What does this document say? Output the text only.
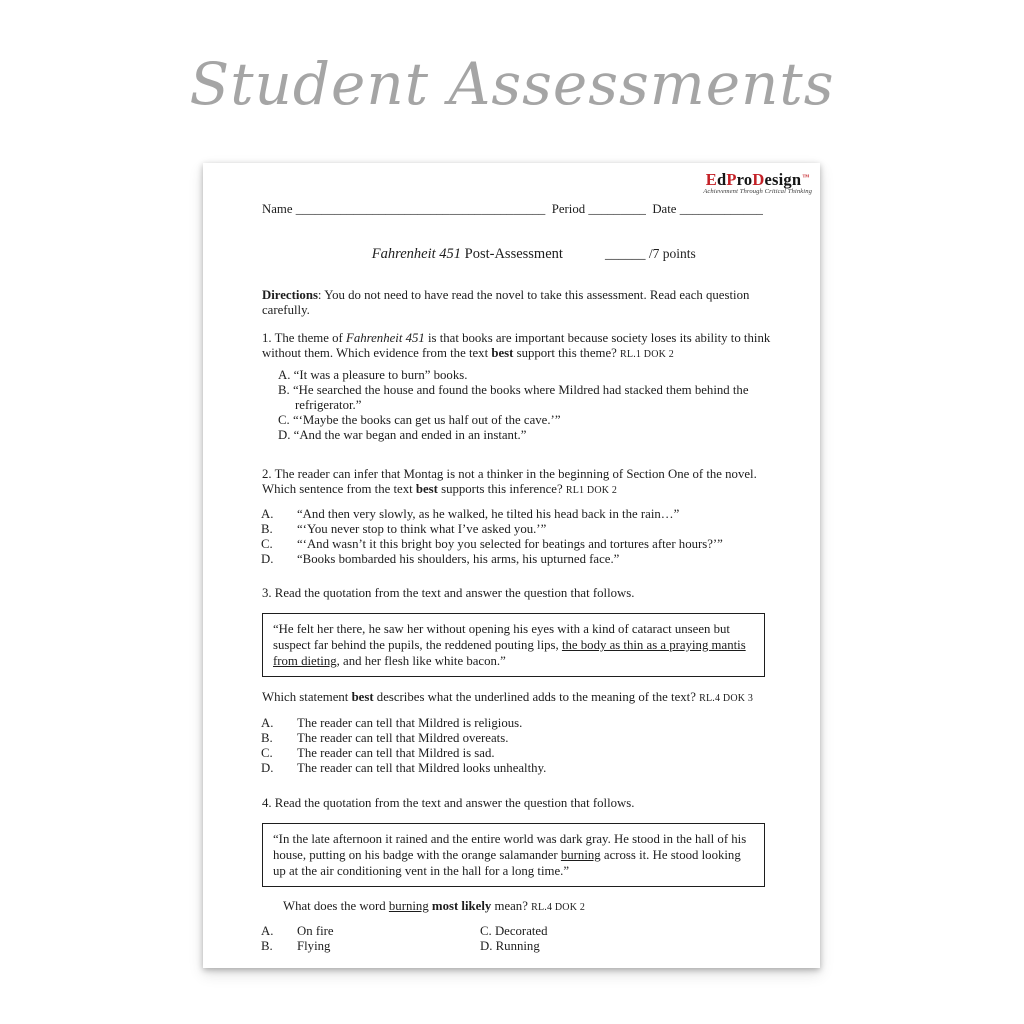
Student Assessments
EdProDesign™
Achievement Through Critical Thinking
Name _______________________________________  Period _________  Date _____________

Fahrenheit 451 Post-Assessment	______ /7 points

Directions: You do not need to have read the novel to take this assessment. Read each question carefully.

1. The theme of Fahrenheit 451 is that books are important because society loses its ability to think without them. Which evidence from the text best support this theme? RL.1 DOK 2

A. “It was a pleasure to burn” books.
B. “He searched the house and found the books where Mildred had stacked them behind the refrigerator.”
C. “‘Maybe the books can get us half out of the cave.’”
D. “And the war began and ended in an instant.”

2. The reader can infer that Montag is not a thinker in the beginning of Section One of the novel. Which sentence from the text best supports this inference? RL1 DOK 2

A. “And then very slowly, as he walked, he tilted his head back in the rain…”
B. “‘You never stop to think what I’ve asked you.’”
C. “‘And wasn’t it this bright boy you selected for beatings and tortures after hours?’”
D. “Books bombarded his shoulders, his arms, his upturned face.”

3. Read the quotation from the text and answer the question that follows.

“He felt her there, he saw her without opening his eyes with a kind of cataract unseen but suspect far behind the pupils, the reddened pouting lips, the body as thin as a praying mantis from dieting, and her flesh like white bacon.”

Which statement best describes what the underlined adds to the meaning of the text? RL.4 DOK 3

A. The reader can tell that Mildred is religious.
B. The reader can tell that Mildred overeats.
C. The reader can tell that Mildred is sad.
D. The reader can tell that Mildred looks unhealthy.

4. Read the quotation from the text and answer the question that follows.

“In the late afternoon it rained and the entire world was dark gray. He stood in the hall of his house, putting on his badge with the orange salamander burning across it. He stood looking up at the air conditioning vent in the hall for a long time.”

What does the word burning most likely mean? RL.4 DOK 2

A. On fire	C. Decorated
B. Flying	D. Running
